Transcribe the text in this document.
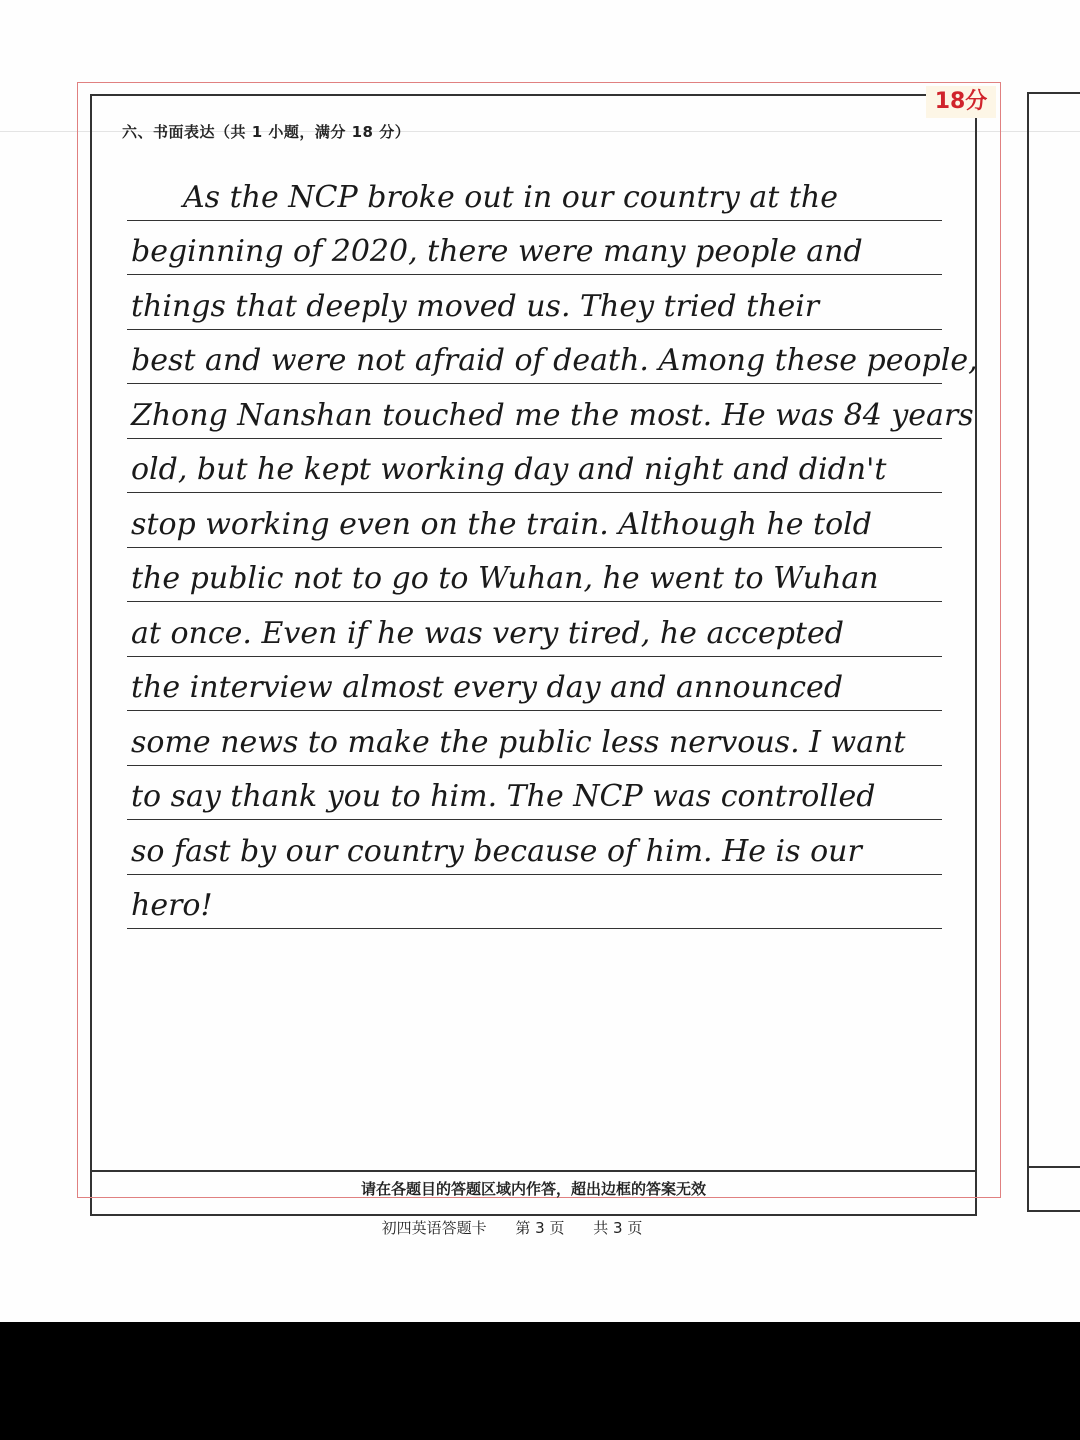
18分
六、书面表达（共 1 小题，满分 18 分）
As the NCP broke out in our country at the
beginning of 2020, there were many people and
things that deeply moved us. They tried their
best and were not afraid of death. Among these people,
Zhong Nanshan touched me the most. He was 84 years
old, but he kept working day and night and didn't
stop working even on the train. Although he told
the public not to go to Wuhan, he went to Wuhan
at once. Even if he was very tired, he accepted
the interview almost every day and announced
some news to make the public less nervous. I want
to say thank you to him. The NCP was controlled
so fast by our country because of him. He is our
hero!
请在各题目的答题区域内作答，超出边框的答案无效
初四英语答题卡 第 3 页 共 3 页
